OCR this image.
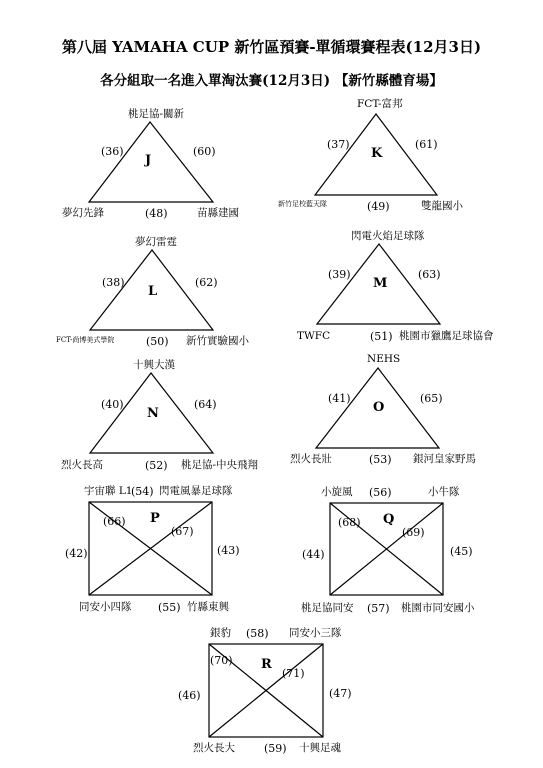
第八屆 YAMAHA CUP 新竹區預賽-單循環賽程表(12月3日)
各分組取一名進入單淘汰賽(12月3日) 【新竹縣體育場】
桃足協-關新
(36)	(60)
J
夢幻先鋒	(48)	苗縣建國
FCT-富邦
(37)	(61)
K
新竹足校藍天隊	(49)	雙龍國小
夢幻雷霆
(38)	(62)
L
FCT-尚博美式學院	(50) 新竹實驗國小
閃電火焰足球隊
(39)	(63)
M
TWFC	(51) 桃園市獵鷹足球協會
十興大漢
(40)	(64)
N
烈火長高	(52) 桃足協-中央飛翔
NEHS
(41)	(65)
O
烈火長壯	(53) 銀河皇家野馬
宇宙聯 L1
(54) 閃電風暴足球隊
(66) P
(67)
(42)	(43)
同安小四隊 (55) 竹縣東興
小旋風 (56)	小牛隊
(68) Q
(69)
(44)	(45)
桃足協同安 (57) 桃園市同安國小
銀豹 (58) 同安小三隊
(70) R
(71)
(46)	(47)
烈火長大	(59) 十興足魂
